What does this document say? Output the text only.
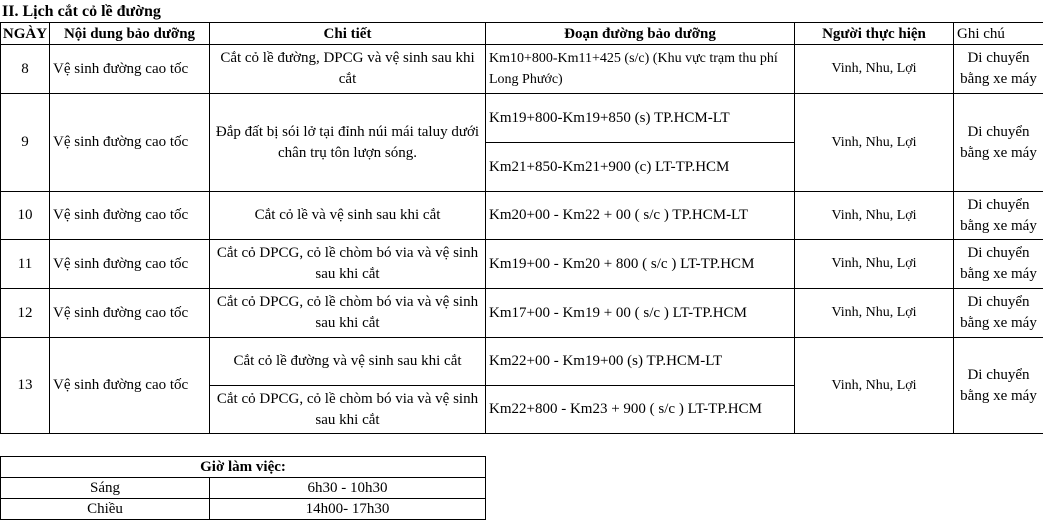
II. Lịch cắt cỏ lề đường
NGÀY	Nội dung bảo dưỡng	Chi tiết	Đoạn đường bảo dưỡng	Người thực hiện	Ghi chú
8	Vệ sinh đường cao tốc	Cắt cỏ lề đường, DPCG và vệ sinh sau khi cắt	Km10+800-Km11+425 (s/c) (Khu vực trạm thu phí Long Phước)	Vinh, Nhu, Lợi	Di chuyển bằng xe máy
9	Vệ sinh đường cao tốc	Đắp đất bị sói lở tại đỉnh núi mái taluy dưới chân trụ tôn lượn sóng.	Km19+800-Km19+850 (s) TP.HCM-LT	Vinh, Nhu, Lợi	Di chuyển bằng xe máy
			Km21+850-Km21+900 (c) LT-TP.HCM		
10	Vệ sinh đường cao tốc	Cắt cỏ lề và vệ sinh sau khi cắt	Km20+00 - Km22 + 00 ( s/c ) TP.HCM-LT	Vinh, Nhu, Lợi	Di chuyển bằng xe máy
11	Vệ sinh đường cao tốc	Cắt cỏ DPCG, cỏ lề chòm bó via và vệ sinh sau khi cắt	Km19+00 - Km20 + 800 ( s/c ) LT-TP.HCM	Vinh, Nhu, Lợi	Di chuyển bằng xe máy
12	Vệ sinh đường cao tốc	Cắt cỏ DPCG, cỏ lề chòm bó via và vệ sinh sau khi cắt	Km17+00 - Km19 + 00 ( s/c ) LT-TP.HCM	Vinh, Nhu, Lợi	Di chuyển bằng xe máy
13	Vệ sinh đường cao tốc	Cắt cỏ lề đường và vệ sinh sau khi cắt	Km22+00 - Km19+00 (s) TP.HCM-LT	Vinh, Nhu, Lợi	Di chuyển bằng xe máy
		Cắt cỏ DPCG, cỏ lề chòm bó via và vệ sinh sau khi cắt	Km22+800 - Km23 + 900 ( s/c ) LT-TP.HCM		
Giờ làm việc:	
Sáng	6h30 - 10h30
Chiều	14h00- 17h30
